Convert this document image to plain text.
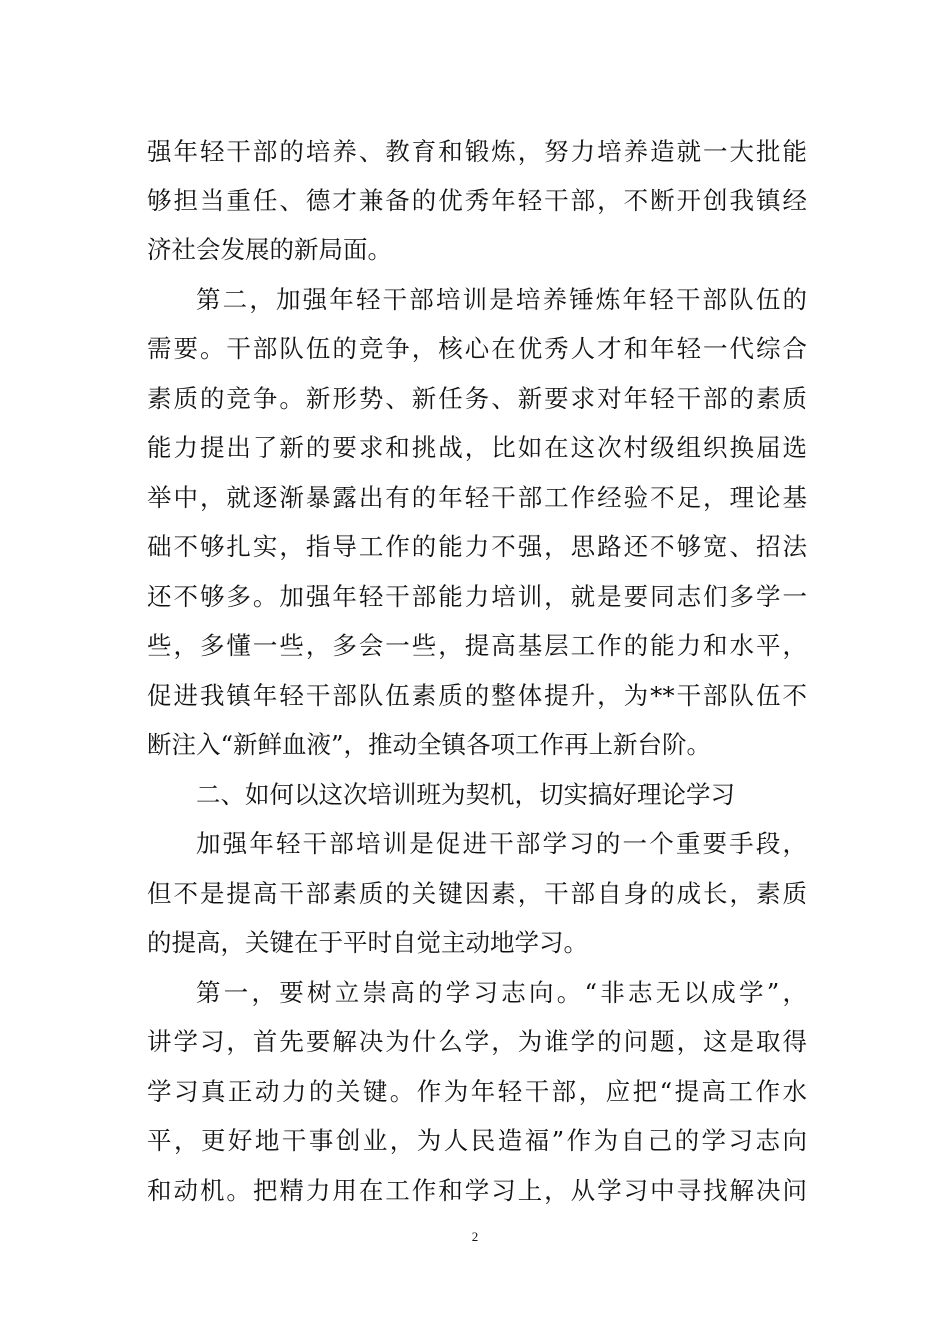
强年轻干部的培养、教育和锻炼，努力培养造就一大批能
够担当重任、德才兼备的优秀年轻干部，不断开创我镇经
济社会发展的新局面。
第二，加强年轻干部培训是培养锤炼年轻干部队伍的
需要。干部队伍的竞争，核心在优秀人才和年轻一代综合
素质的竞争。新形势、新任务、新要求对年轻干部的素质
能力提出了新的要求和挑战，比如在这次村级组织换届选
举中，就逐渐暴露出有的年轻干部工作经验不足，理论基
础不够扎实，指导工作的能力不强，思路还不够宽、招法
还不够多。加强年轻干部能力培训，就是要同志们多学一
些，多懂一些，多会一些，提高基层工作的能力和水平，
促进我镇年轻干部队伍素质的整体提升，为**干部队伍不
断注入“新鲜血液”，推动全镇各项工作再上新台阶。
二、如何以这次培训班为契机，切实搞好理论学习
加强年轻干部培训是促进干部学习的一个重要手段，
但不是提高干部素质的关键因素，干部自身的成长，素质
的提高，关键在于平时自觉主动地学习。
第一，要树立崇高的学习志向。“非志无以成学”，
讲学习，首先要解决为什么学，为谁学的问题，这是取得
学习真正动力的关键。作为年轻干部，应把“提高工作水
平，更好地干事创业，为人民造福”作为自己的学习志向
和动机。把精力用在工作和学习上，从学习中寻找解决问
2
